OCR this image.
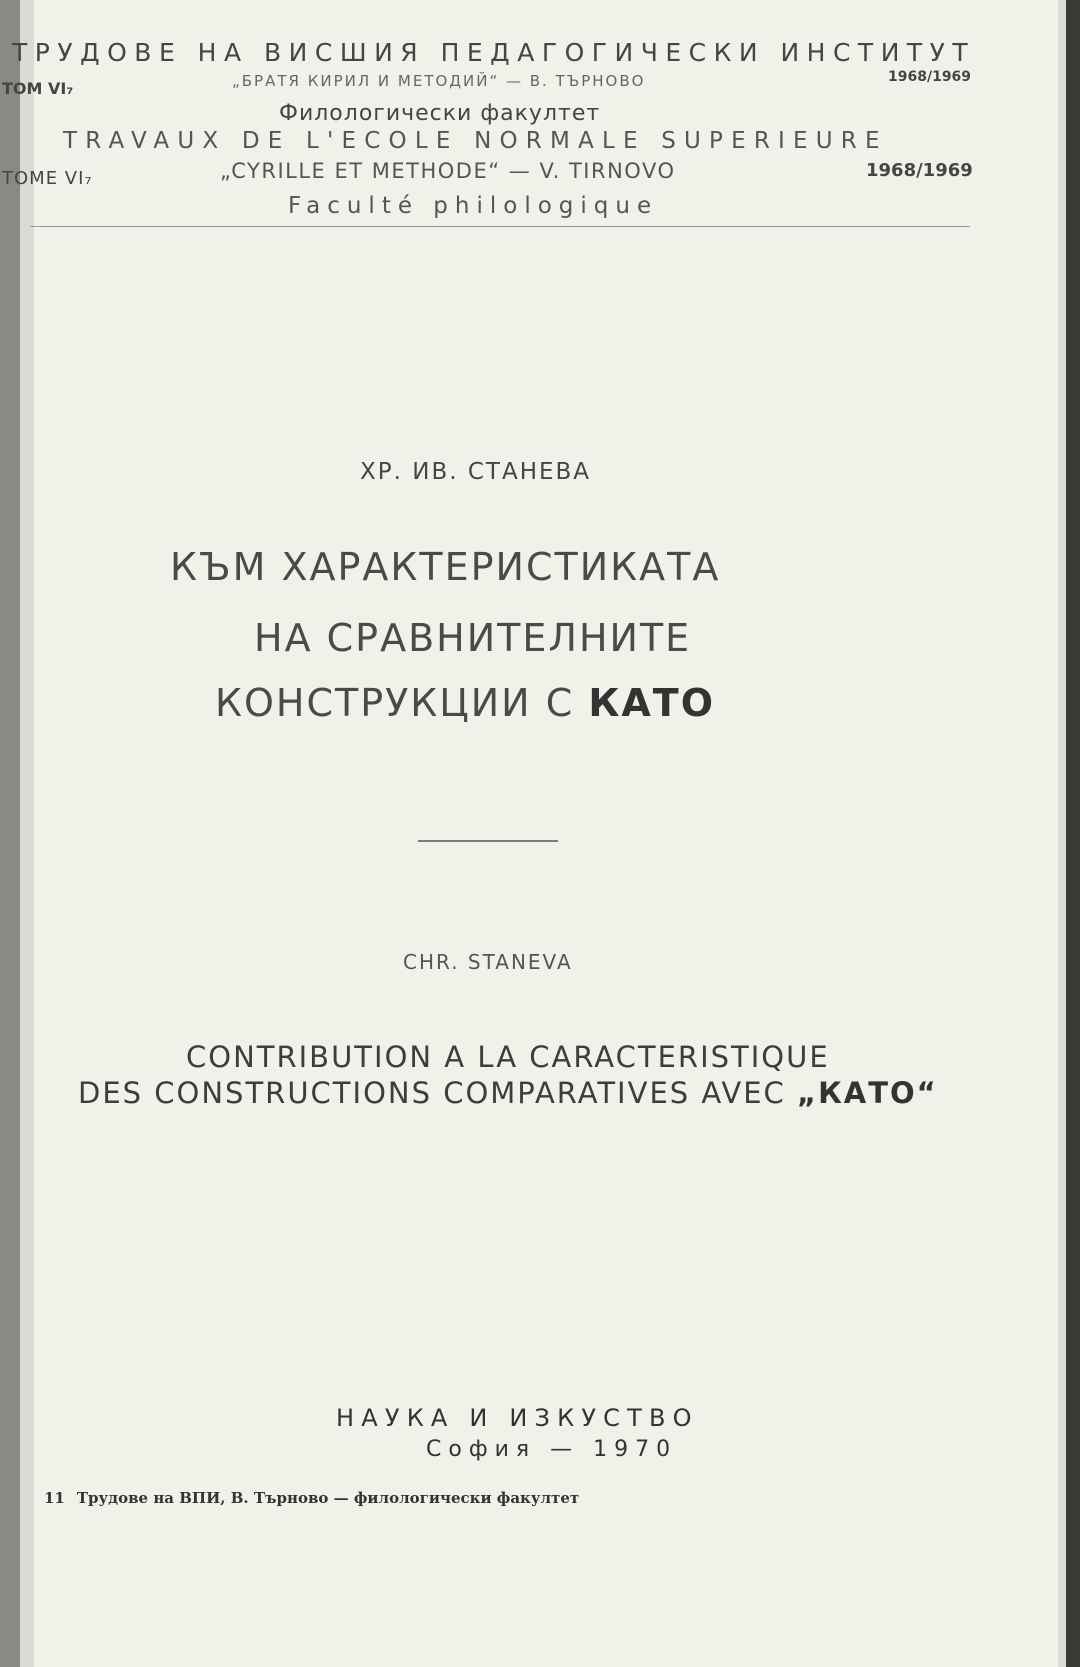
ТРУДОВЕ НА ВИСШИЯ ПЕДАГОГИЧЕСКИ ИНСТИТУТ
ТОМ VI₇	„БРАТЯ КИРИЛ И МЕТОДИЙ“ — В. ТЪРНОВО	1968/1969
Филологически факултет
TRAVAUX DE L'ECOLE NORMALE SUPERIEURE
TOME VI₇	„CYRILLE ET METHODE“ — V. TIRNOVO	1968/1969
Faculté philologique
ХР. ИВ. СТАНЕВА
КЪМ ХАРАКТЕРИСТИКАТА
НА СРАВНИТЕЛНИТЕ
КОНСТРУКЦИИ С КАТО
CHR. STANEVA
CONTRIBUTION A LA CARACTERISTIQUE
DES CONSTRUCTIONS COMPARATIVES AVEC „КАТО“
НАУКА И ИЗКУСТВО
София — 1970
11 Трудове на ВПИ, В. Търново — филологически факултет
